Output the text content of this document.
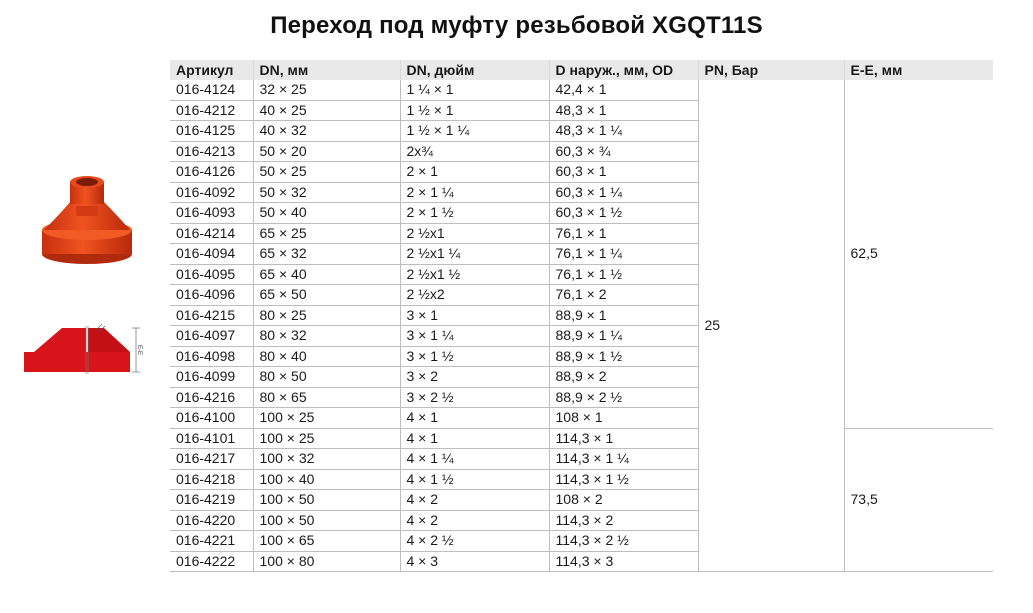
Переход под муфту резьбовой XGQT11S
E-E
Артикул	DN, мм	DN, дюйм	D наруж., мм, OD	PN, Бар	E-E, мм
016-4124	32 × 25	1 ¼ × 1	42,4 × 1	25	62,5
016-4212	40 × 25	1 ½ × 1	48,3 × 1		
016-4125	40 × 32	1 ½ × 1 ¼	48,3 × 1 ¼		
016-4213	50 × 20	2х¾	60,3 × ¾		
016-4126	50 × 25	2 × 1	60,3 × 1		
016-4092	50 × 32	2 × 1 ¼	60,3 × 1 ¼		
016-4093	50 × 40	2 × 1 ½	60,3 × 1 ½		
016-4214	65 × 25	2 ½х1	76,1 × 1		
016-4094	65 × 32	2 ½х1 ¼	76,1 × 1 ¼		
016-4095	65 × 40	2 ½х1 ½	76,1 × 1 ½		
016-4096	65 × 50	2 ½х2	76,1 × 2		
016-4215	80 × 25	3 × 1	88,9 × 1		
016-4097	80 × 32	3 × 1 ¼	88,9 × 1 ¼		
016-4098	80 × 40	3 × 1 ½	88,9 × 1 ½		
016-4099	80 × 50	3 × 2	88,9 × 2		
016-4216	80 × 65	3 × 2 ½	88,9 × 2 ½		
016-4100	100 × 25	4 × 1	108 × 1		
016-4101	100 × 25	4 × 1	114,3 × 1		73,5
016-4217	100 × 32	4 × 1 ¼	114,3 × 1 ¼		
016-4218	100 × 40	4 × 1 ½	114,3 × 1 ½		
016-4219	100 × 50	4 × 2	108 × 2		
016-4220	100 × 50	4 × 2	114,3 × 2		
016-4221	100 × 65	4 × 2 ½	114,3 × 2 ½		
016-4222	100 × 80	4 × 3	114,3 × 3		
